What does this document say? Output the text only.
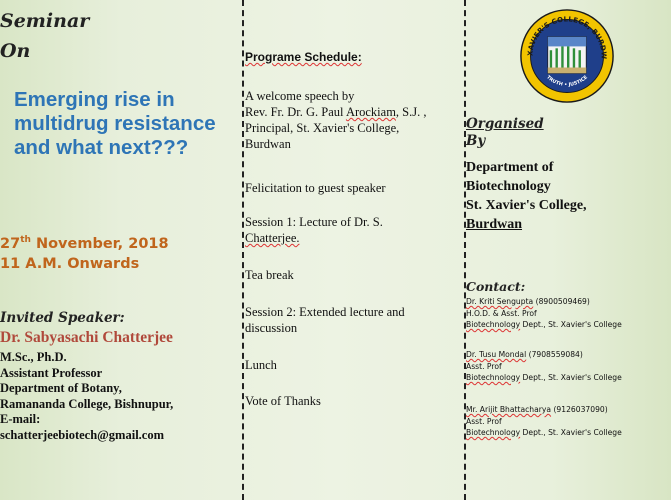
Seminar
On
Emerging rise in multidrug resistance and what next???
27th November, 2018
11 A.M. Onwards
Invited Speaker:
Dr. Sabyasachi Chatterjee
M.Sc., Ph.D.
Assistant Professor
Department of Botany,
Ramananda College, Bishnupur,
E-mail:
schatterjeebiotech@gmail.com
Programe Schedule:
A welcome speech by
Rev. Fr. Dr. G. Paul Arockiam, S.J. ,
Principal, St. Xavier's College,
Burdwan
Felicitation to guest speaker
Session 1: Lecture of Dr. S.
Chatterjee.
Tea break
Session 2: Extended lecture and
discussion
Lunch
Vote of Thanks
XAVIER'S COLLEGE, BURDW
TRUTH • JUSTICE
Organised
By
Department of
Biotechnology
St. Xavier's College,
Burdwan
Contact:
Dr. Kriti Sengupta (8900509469)
H.O.D. & Asst. Prof
Biotechnology Dept., St. Xavier's College
Dr. Tusu Mondal (7908559084)
Asst. Prof
Biotechnology Dept., St. Xavier's College
Mr. Arijit Bhattacharya (9126037090)
Asst. Prof
Biotechnology Dept., St. Xavier's College
